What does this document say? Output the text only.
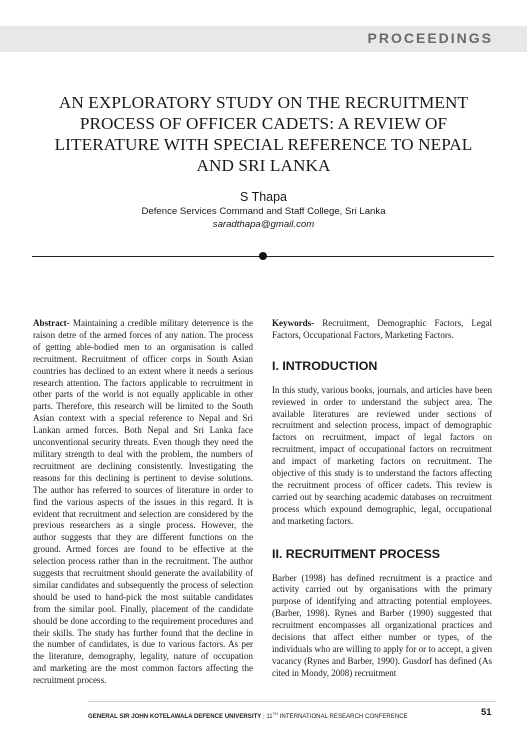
PROCEEDINGS
AN EXPLORATORY STUDY ON THE RECRUITMENT PROCESS OF OFFICER CADETS: A REVIEW OF LITERATURE WITH SPECIAL REFERENCE TO NEPAL AND SRI LANKA
S Thapa
Defence Services Command and Staff College, Sri Lanka
saradthapa@gmail.com

Abstract- Maintaining a credible military deterrence is the raison detre of the armed forces of any nation. The process of getting able-bodied men to an organisation is called recruitment. Recruitment of officer corps in South Asian countries has declined to an extent where it needs a serious research attention. The factors applicable to recruitment in other parts of the world is not equally applicable in other parts. Therefore, this research will be limited to the South Asian context with a special reference to Nepal and Sri Lankan armed forces. Both Nepal and Sri Lanka face unconventional security threats. Even though they need the military strength to deal with the problem, the numbers of recruitment are declining consistently. Investigating the reasons for this declining is pertinent to devise solutions. The author has referred to sources of literature in order to find the various aspects of the issues in this regard. It is evident that recruitment and selection are considered by the previous researchers as a single process. However, the author suggests that they are different functions on the ground. Armed forces are found to be effective at the selection process rather than in the recruitment. The author suggests that recruitment should generate the availability of similar candidates and subsequently the process of selection should be used to hand-pick the most suitable candidates from the similar pool. Finally, placement of the candidate should be done according to the requirement procedures and their skills. The study has further found that the decline in the number of candidates, is due to various factors. As per the literature, demography, legality, nature of occupation and marketing are the most common factors affecting the recruitment process.

Keywords- Recruitment, Demographic Factors, Legal Factors, Occupational Factors, Marketing Factors.

I. INTRODUCTION

In this study, various books, journals, and articles have been reviewed in order to understand the subject area. The available literatures are reviewed under sections of recruitment and selection process, impact of demographic factors on recruitment, impact of legal factors on recruitment, impact of occupational factors on recruitment and impact of marketing factors on recruitment. The objective of this study is to understand the factors affecting the recruitment process of officer cadets. This review is carried out by searching academic databases on recruitment process which expound demographic, legal, occupational and marketing factors.

II. RECRUITMENT PROCESS

Barber (1998) has defined recruitment is a practice and activity carried out by organisations with the primary purpose of identifying and attracting potential employees. (Barber, 1998). Rynes and Barber (1990) suggested that recruitment encompasses all organizational practices and decisions that affect either number or types, of the individuals who are willing to apply for or to accept, a given vacancy (Rynes and Barber, 1990). Gusdorf has defined (As cited in Mondy, 2008) recruitment

GENERAL SIR JOHN KOTELAWALA DEFENCE UNIVERSITY | 11TH INTERNATIONAL RESEARCH CONFERENCE	51
